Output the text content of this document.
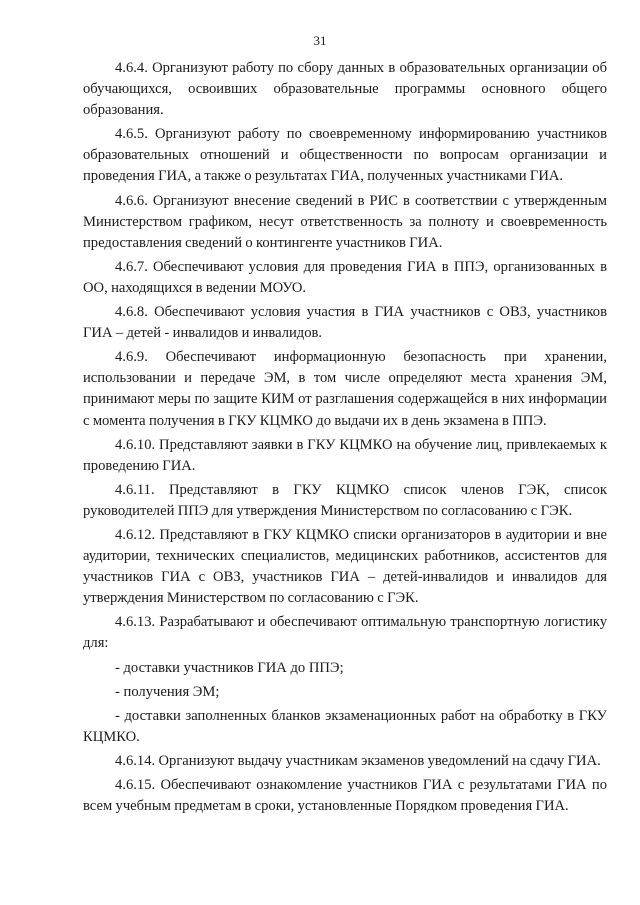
31

4.6.4. Организуют работу по сбору данных в образовательных организации об обучающихся, освоивших образовательные программы основного общего образования.

4.6.5. Организуют работу по своевременному информированию участников образовательных отношений и общественности по вопросам организации и проведения ГИА, а также о результатах ГИА, полученных участниками ГИА.

4.6.6. Организуют внесение сведений в РИС в соответствии с утвержденным Министерством графиком, несут ответственность за полноту и своевременность предоставления сведений о контингенте участников ГИА.

4.6.7. Обеспечивают условия для проведения ГИА в ППЭ, организованных в ОО, находящихся в ведении МОУО.

4.6.8. Обеспечивают условия участия в ГИА участников с ОВЗ, участников ГИА – детей - инвалидов и инвалидов.

4.6.9. Обеспечивают информационную безопасность при хранении, использовании и передаче ЭМ, в том числе определяют места хранения ЭМ, принимают меры по защите КИМ от разглашения содержащейся в них информации с момента получения в ГКУ КЦМКО до выдачи их в день экзамена в ППЭ.

4.6.10. Представляют заявки в ГКУ КЦМКО на обучение лиц, привлекаемых к проведению ГИА.

4.6.11. Представляют в ГКУ КЦМКО список членов ГЭК, список руководителей ППЭ для утверждения Министерством по согласованию с ГЭК.

4.6.12. Представляют в ГКУ КЦМКО списки организаторов в аудитории и вне аудитории, технических специалистов, медицинских работников, ассистентов для участников ГИА с ОВЗ, участников ГИА – детей-инвалидов и инвалидов для утверждения Министерством по согласованию с ГЭК.

4.6.13. Разрабатывают и обеспечивают оптимальную транспортную логистику для:

- доставки участников ГИА до ППЭ;

- получения ЭМ;

- доставки заполненных бланков экзаменационных работ на обработку в ГКУ КЦМКО.

4.6.14. Организуют выдачу участникам экзаменов уведомлений на сдачу ГИА.

4.6.15. Обеспечивают ознакомление участников ГИА с результатами ГИА по всем учебным предметам в сроки, установленные Порядком проведения ГИА.
